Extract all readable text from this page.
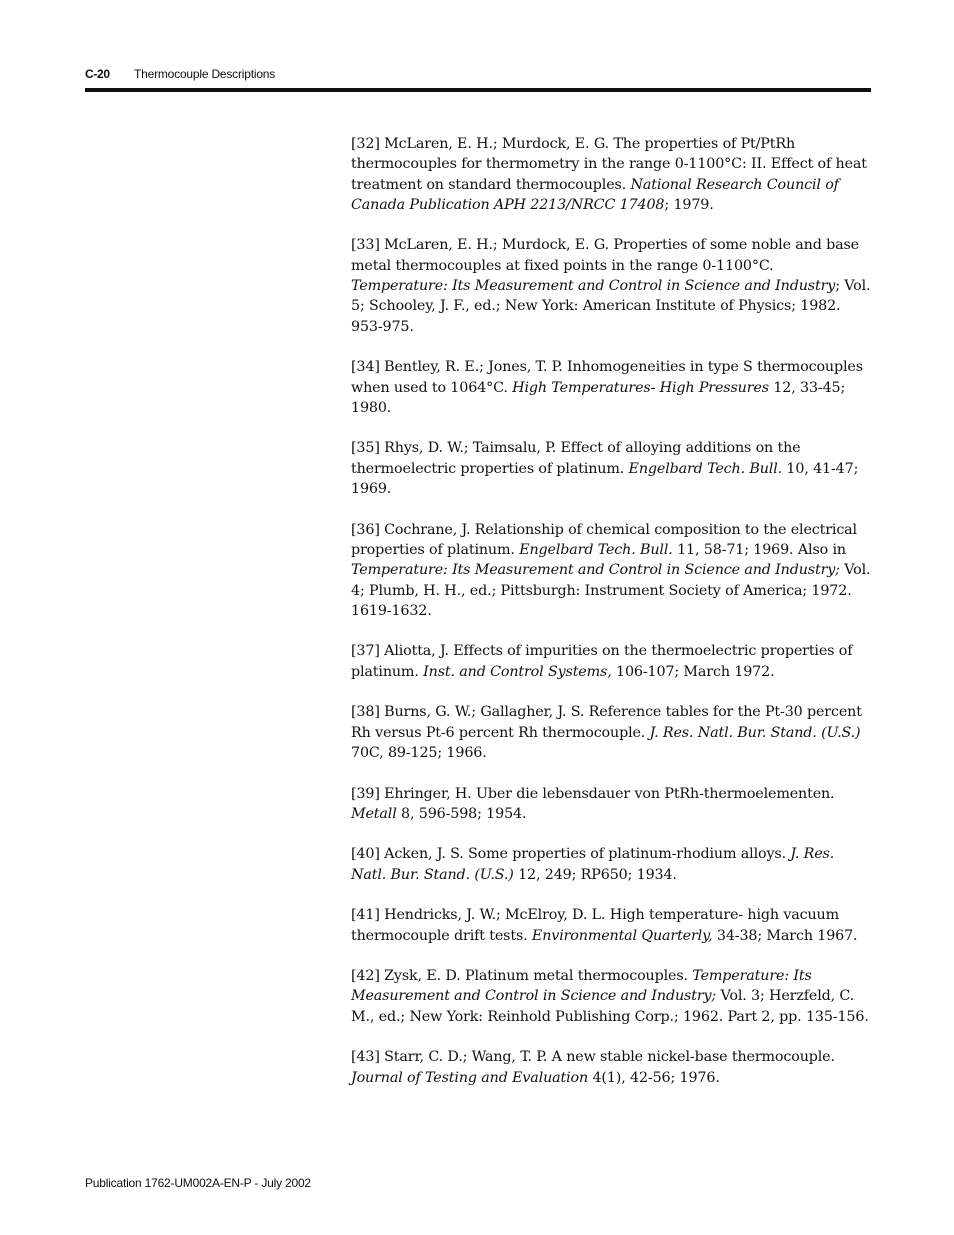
C-20 Thermocouple Descriptions

[32] McLaren, E. H.; Murdock, E. G. The properties of Pt/PtRh thermocouples for thermometry in the range 0-1100°C: II. Effect of heat treatment on standard thermocouples. National Research Council of Canada Publication APH 2213/NRCC 17408; 1979.

[33] McLaren, E. H.; Murdock, E. G. Properties of some noble and base metal thermocouples at fixed points in the range 0-1100°C. Temperature: Its Measurement and Control in Science and Industry; Vol. 5; Schooley, J. F., ed.; New York: American Institute of Physics; 1982. 953-975.

[34] Bentley, R. E.; Jones, T. P. Inhomogeneities in type S thermocouples when used to 1064°C. High Temperatures- High Pressures 12, 33-45; 1980.

[35] Rhys, D. W.; Taimsalu, P. Effect of alloying additions on the thermoelectric properties of platinum. Engelbard Tech. Bull. 10, 41-47; 1969.

[36] Cochrane, J. Relationship of chemical composition to the electrical properties of platinum. Engelbard Tech. Bull. 11, 58-71; 1969. Also in Temperature: Its Measurement and Control in Science and Industry; Vol. 4; Plumb, H. H., ed.; Pittsburgh: Instrument Society of America; 1972. 1619-1632.

[37] Aliotta, J. Effects of impurities on the thermoelectric properties of platinum. Inst. and Control Systems, 106-107; March 1972.

[38] Burns, G. W.; Gallagher, J. S. Reference tables for the Pt-30 percent Rh versus Pt-6 percent Rh thermocouple. J. Res. Natl. Bur. Stand. (U.S.) 70C, 89-125; 1966.

[39] Ehringer, H. Uber die lebensdauer von PtRh-thermoelementen. Metall 8, 596-598; 1954.

[40] Acken, J. S. Some properties of platinum-rhodium alloys. J. Res. Natl. Bur. Stand. (U.S.) 12, 249; RP650; 1934.

[41] Hendricks, J. W.; McElroy, D. L. High temperature- high vacuum thermocouple drift tests. Environmental Quarterly, 34-38; March 1967.

[42] Zysk, E. D. Platinum metal thermocouples. Temperature: Its Measurement and Control in Science and Industry; Vol. 3; Herzfeld, C. M., ed.; New York: Reinhold Publishing Corp.; 1962. Part 2, pp. 135-156.

[43] Starr, C. D.; Wang, T. P. A new stable nickel-base thermocouple. Journal of Testing and Evaluation 4(1), 42-56; 1976.

Publication 1762-UM002A-EN-P - July 2002
